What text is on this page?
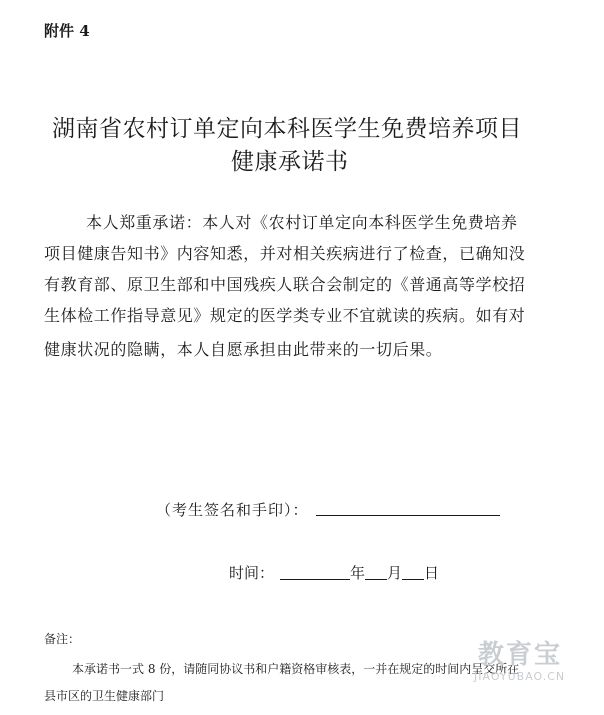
附件 4
湖南省农村订单定向本科医学生免费培养项目
健康承诺书
本人郑重承诺：本人对《农村订单定向本科医学生免费培养
项目健康告知书》内容知悉，并对相关疾病进行了检查，已确知没
有教育部、原卫生部和中国残疾人联合会制定的《普通高等学校招
生体检工作指导意见》规定的医学类专业不宜就读的疾病。如有对
健康状况的隐瞒，本人自愿承担由此带来的一切后果。
（考生签名和手印）：
时间：	年 月 日
备注：
本承诺书一式 8 份，请随同协议书和户籍资格审核表，一并在规定的时间内呈交所在
县市区的卫生健康部门
教育宝
JIAOYUBAO.CN
